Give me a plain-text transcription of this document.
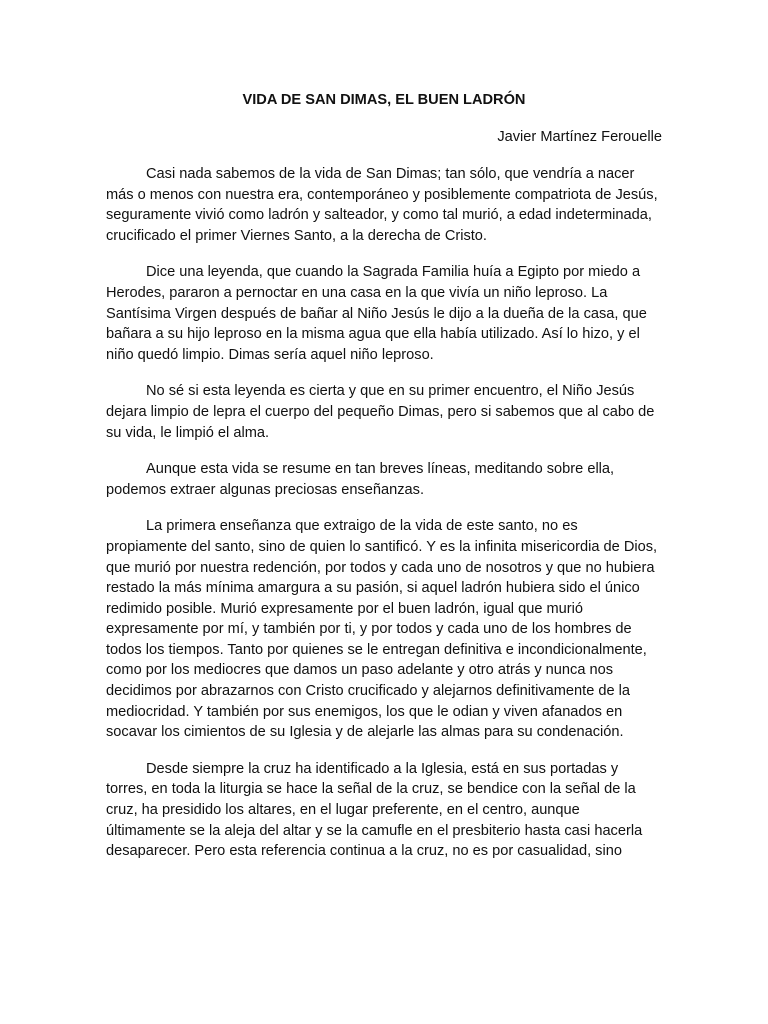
VIDA DE SAN DIMAS, EL BUEN LADRÓN

Javier Martínez Ferouelle

Casi nada sabemos de la vida de San Dimas; tan sólo, que vendría a nacer más o menos con nuestra era, contemporáneo y posiblemente compatriota de Jesús, seguramente vivió como ladrón y salteador, y como tal murió, a edad indeterminada, crucificado el primer Viernes Santo, a la derecha de Cristo.

Dice una leyenda, que cuando la Sagrada Familia huía a Egipto por miedo a Herodes, pararon a pernoctar en una casa en la que vivía un niño leproso. La Santísima Virgen después de bañar al Niño Jesús le dijo a la dueña de la casa, que bañara a su hijo leproso en la misma agua que ella había utilizado. Así lo hizo, y el niño quedó limpio. Dimas sería aquel niño leproso.

No sé si esta leyenda es cierta y que en su primer encuentro, el Niño Jesús dejara limpio de lepra el cuerpo del pequeño Dimas, pero si sabemos que al cabo de su vida, le limpió el alma.

Aunque esta vida se resume en tan breves líneas, meditando sobre ella, podemos extraer algunas preciosas enseñanzas.

La primera enseñanza que extraigo de la vida de este santo, no es propiamente del santo, sino de quien lo santificó. Y es la infinita misericordia de Dios, que murió por nuestra redención, por todos y cada uno de nosotros y que no hubiera restado la más mínima amargura a su pasión, si aquel ladrón hubiera sido el único redimido posible. Murió expresamente por el buen ladrón, igual que murió expresamente por mí, y también por ti, y por todos y cada uno de los hombres de todos los tiempos. Tanto por quienes se le entregan definitiva e incondicionalmente, como por los mediocres que damos un paso adelante y otro atrás y nunca nos decidimos por abrazarnos con Cristo crucificado y alejarnos definitivamente de la mediocridad. Y también por sus enemigos, los que le odian y viven afanados en socavar los cimientos de su Iglesia y de alejarle las almas para su condenación.

Desde siempre la cruz ha identificado a la Iglesia, está en sus portadas y torres, en toda la liturgia se hace la señal de la cruz, se bendice con la señal de la cruz, ha presidido los altares, en el lugar preferente, en el centro, aunque últimamente se la aleja del altar y se la camufle en el presbiterio hasta casi hacerla desaparecer. Pero esta referencia continua a la cruz, no es por casualidad, sino
